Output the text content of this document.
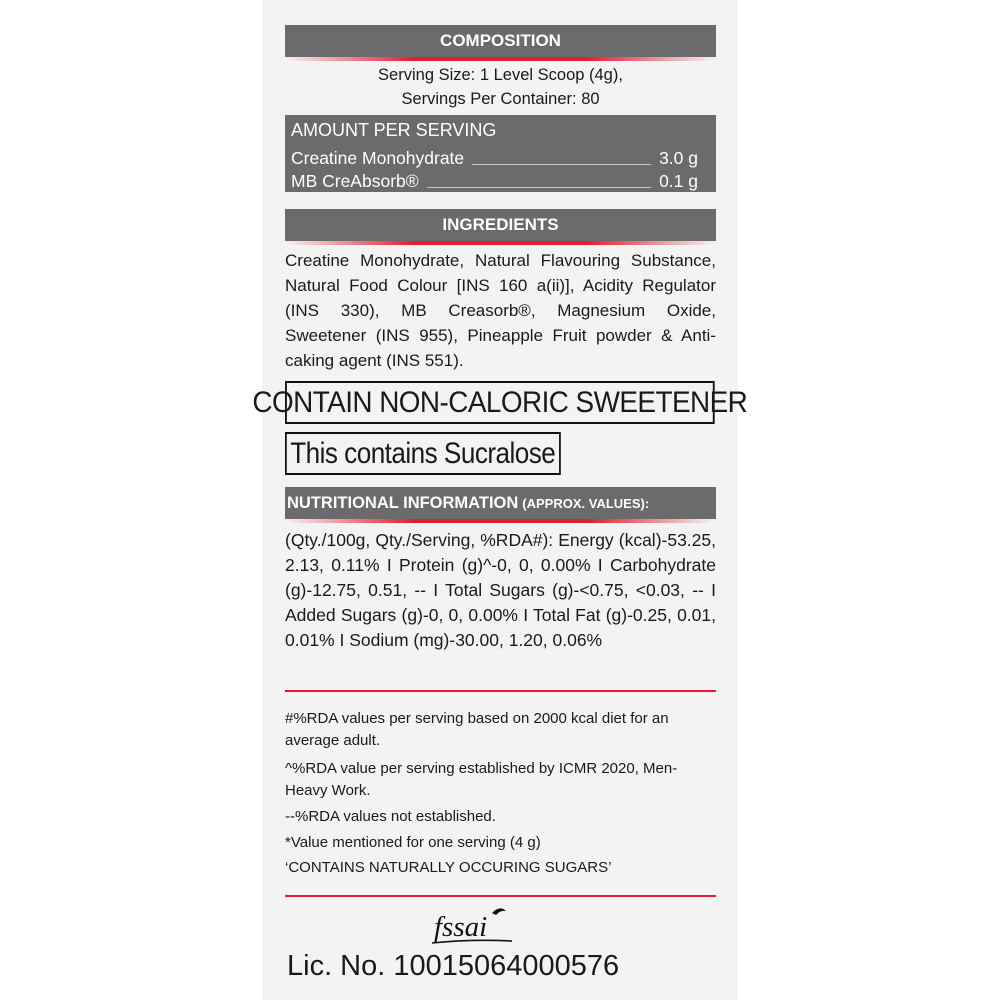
COMPOSITION
Serving Size: 1 Level Scoop (4g),
Servings Per Container: 80
AMOUNT PER SERVING
Creatine Monohydrate	3.0 g
MB CreAbsorb®	0.1 g
INGREDIENTS
Creatine Monohydrate, Natural Flavouring Substance, Natural Food Colour [INS 160 a(ii)], Acidity Regulator (INS 330), MB Creasorb®, Magnesium Oxide, Sweetener (INS 955), Pineapple Fruit powder & Anti-caking agent (INS 551).
CONTAIN NON-CALORIC SWEETENER
This contains Sucralose
NUTRITIONAL INFORMATION (APPROX. VALUES):
(Qty./100g, Qty./Serving, %RDA#): Energy (kcal)-53.25, 2.13, 0.11% I Protein (g)^-0, 0, 0.00% I Carbohydrate (g)-12.75, 0.51, -- I Total Sugars (g)-<0.75, <0.03, -- I Added Sugars (g)-0, 0, 0.00% I Total Fat (g)-0.25, 0.01, 0.01% I Sodium (mg)-30.00, 1.20, 0.06%
#%RDA values per serving based on 2000 kcal diet for an average adult.
^%RDA value per serving established by ICMR 2020, Men-Heavy Work.
--%RDA values not established.
*Value mentioned for one serving (4 g)
‘CONTAINS NATURALLY OCCURING SUGARS’
fssai
Lic. No. 10015064000576
